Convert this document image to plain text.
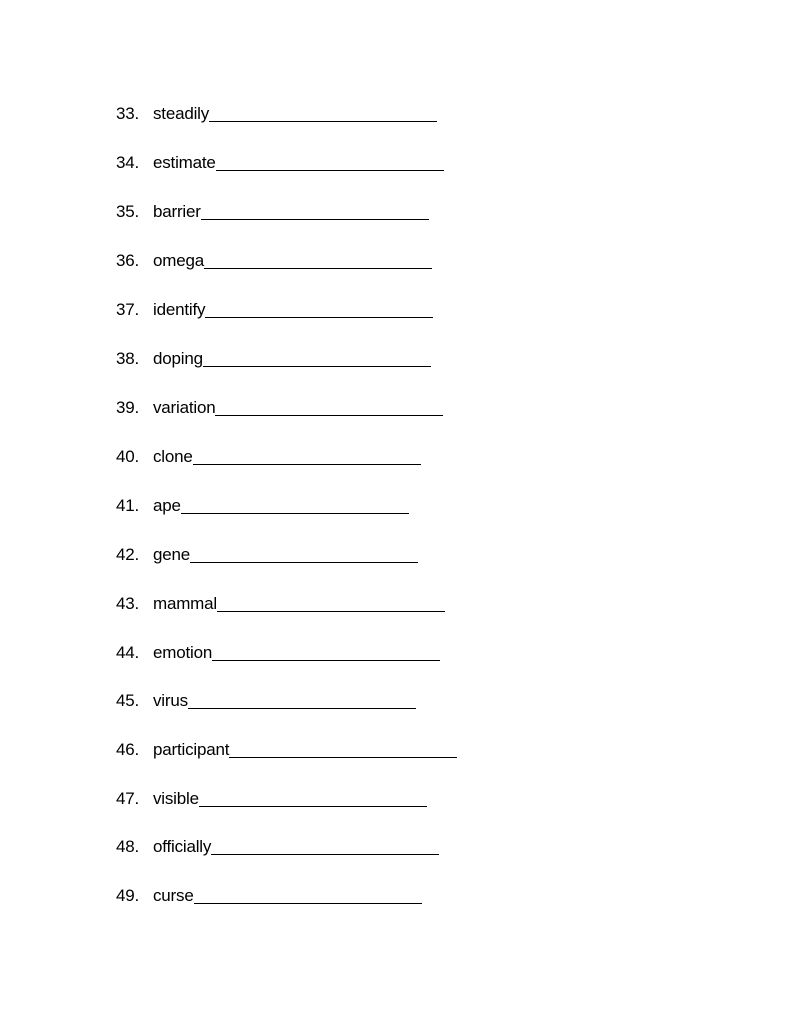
33. steadily
34. estimate
35. barrier
36. omega
37. identify
38. doping
39. variation
40. clone
41. ape
42. gene
43. mammal
44. emotion
45. virus
46. participant
47. visible
48. officially
49. curse
